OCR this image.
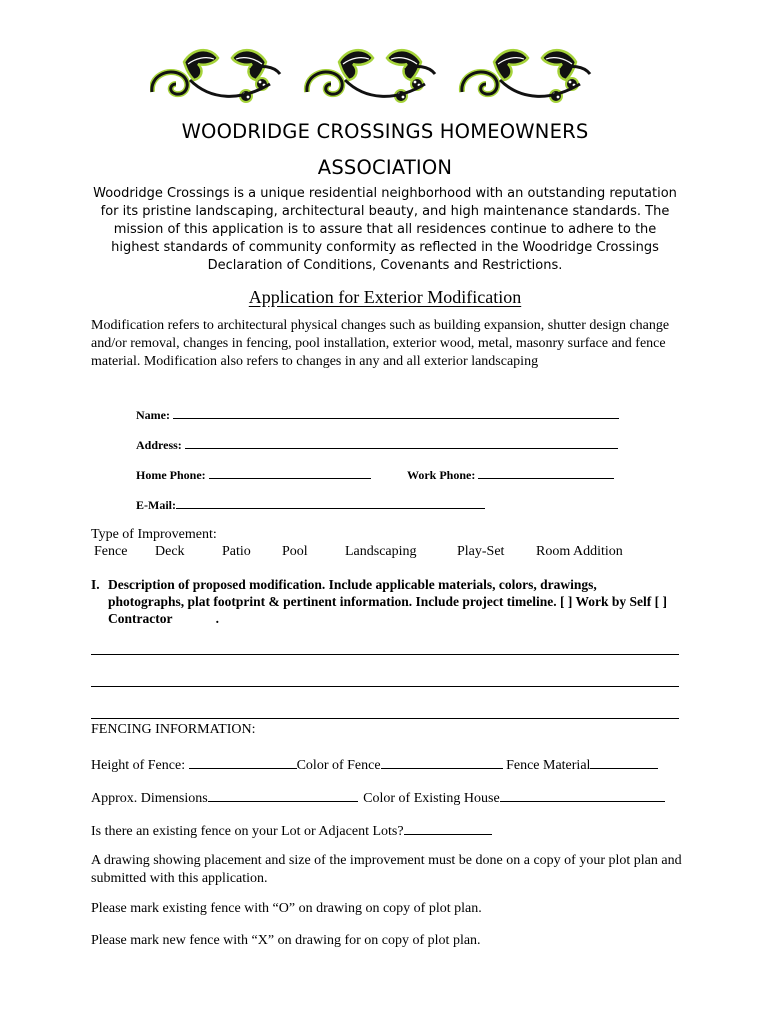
WOODRIDGE CROSSINGS HOMEOWNERS
ASSOCIATION
Woodridge Crossings is a unique residential neighborhood with an outstanding reputation for its pristine landscaping, architectural beauty, and high maintenance standards. The mission of this application is to assure that all residences continue to adhere to the highest standards of community conformity as reflected in the Woodridge Crossings Declaration of Conditions, Covenants and Restrictions.
Application for Exterior Modification
Modification refers to architectural physical changes such as building expansion, shutter design change and/or removal, changes in fencing, pool installation, exterior wood, metal, masonry surface and fence material. Modification also refers to changes in any and all exterior landscaping
Name:
Address:
Home Phone:	Work Phone:
E-Mail:
Type of Improvement:
Fence Deck	Patio Pool	Landscaping	Play-Set Room Addition
I. Description of proposed modification. Include applicable materials, colors, drawings, photographs, plat footprint & pertinent information. Include project timeline. [ ] Work by Self [ ] Contractor	.
FENCING INFORMATION:
Height of Fence:	Color of Fence	Fence Material
Approx. Dimensions	Color of Existing House
Is there an existing fence on your Lot or Adjacent Lots?
A drawing showing placement and size of the improvement must be done on a copy of your plot plan and submitted with this application.
Please mark existing fence with “O” on drawing on copy of plot plan.
Please mark new fence with “X” on drawing for on copy of plot plan.
